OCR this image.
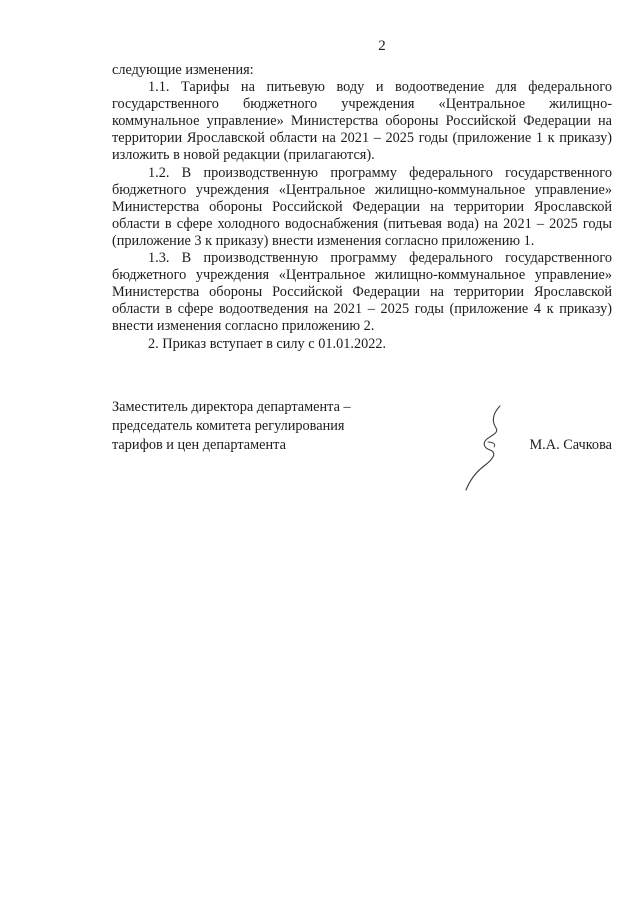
2

следующие изменения:

1.1. Тарифы на питьевую воду и водоотведение для федерального государственного бюджетного учреждения «Центральное жилищно-коммунальное управление» Министерства обороны Российской Федерации на территории Ярославской области на 2021 – 2025 годы (приложение 1 к приказу) изложить в новой редакции (прилагаются).

1.2. В производственную программу федерального государственного бюджетного учреждения «Центральное жилищно-коммунальное управление» Министерства обороны Российской Федерации на территории Ярославской области в сфере холодного водоснабжения (питьевая вода) на 2021 – 2025 годы (приложение 3 к приказу) внести изменения согласно приложению 1.

1.3. В производственную программу федерального государственного бюджетного учреждения «Центральное жилищно-коммунальное управление» Министерства обороны Российской Федерации на территории Ярославской области в сфере водоотведения на 2021 – 2025 годы (приложение 4 к приказу) внести изменения согласно приложению 2.

2. Приказ вступает в силу с 01.01.2022.

Заместитель директора департамента –
председатель комитета регулирования
тарифов и цен департамента	М.А. Сачкова
